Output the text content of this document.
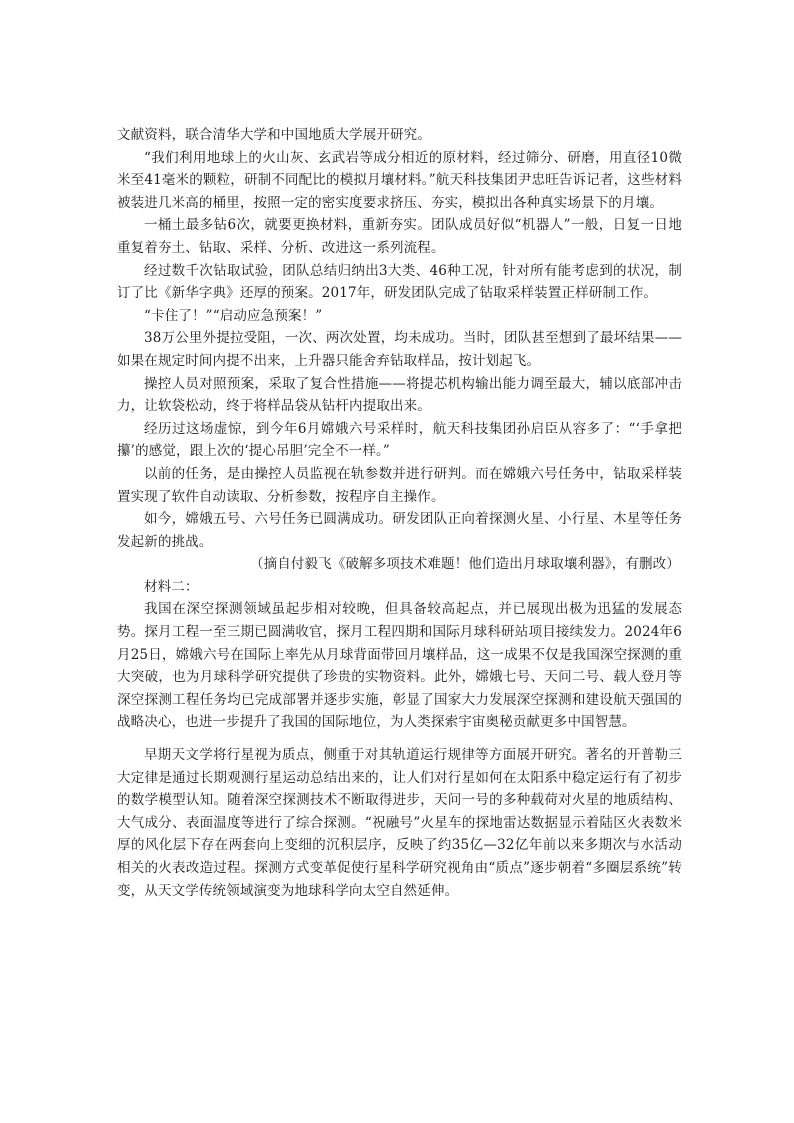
文献资料，联合清华大学和中国地质大学展开研究。

“我们利用地球上的火山灰、玄武岩等成分相近的原材料，经过筛分、研磨，用直径10微米至41毫米的颗粒，研制不同配比的模拟月壤材料。”航天科技集团尹忠旺告诉记者，这些材料被装进几米高的桶里，按照一定的密实度要求挤压、夯实，模拟出各种真实场景下的月壤。

一桶土最多钻6次，就要更换材料，重新夯实。团队成员好似“机器人”一般，日复一日地重复着夯土、钻取、采样、分析、改进这一系列流程。

经过数千次钻取试验，团队总结归纳出3大类、46种工况，针对所有能考虑到的状况，制订了比《新华字典》还厚的预案。2017年，研发团队完成了钻取采样装置正样研制工作。

“卡住了！”“启动应急预案！”

38万公里外提拉受阻，一次、两次处置，均未成功。当时，团队甚至想到了最坏结果——如果在规定时间内提不出来，上升器只能舍弃钻取样品，按计划起飞。

操控人员对照预案，采取了复合性措施——将提芯机构输出能力调至最大，辅以底部冲击力，让软袋松动，终于将样品袋从钻杆内提取出来。

经历过这场虚惊，到今年6月嫦娥六号采样时，航天科技集团孙启臣从容多了：“‘手拿把攥’的感觉，跟上次的‘提心吊胆’完全不一样。”

以前的任务，是由操控人员监视在轨参数并进行研判。而在嫦娥六号任务中，钻取采样装置实现了软件自动读取、分析参数，按程序自主操作。

如今，嫦娥五号、六号任务已圆满成功。研发团队正向着探测火星、小行星、木星等任务发起新的挑战。

（摘自付毅飞《破解多项技术难题！他们造出月球取壤利器》，有删改）

材料二：

我国在深空探测领域虽起步相对较晚，但具备较高起点，并已展现出极为迅猛的发展态势。探月工程一至三期已圆满收官，探月工程四期和国际月球科研站项目接续发力。2024年6月25日，嫦娥六号在国际上率先从月球背面带回月壤样品，这一成果不仅是我国深空探测的重大突破，也为月球科学研究提供了珍贵的实物资料。此外，嫦娥七号、天问二号、载人登月等深空探测工程任务均已完成部署并逐步实施，彰显了国家大力发展深空探测和建设航天强国的战略决心，也进一步提升了我国的国际地位，为人类探索宇宙奥秘贡献更多中国智慧。

早期天文学将行星视为质点，侧重于对其轨道运行规律等方面展开研究。著名的开普勒三大定律是通过长期观测行星运动总结出来的，让人们对行星如何在太阳系中稳定运行有了初步的数学模型认知。随着深空探测技术不断取得进步，天问一号的多种载荷对火星的地质结构、大气成分、表面温度等进行了综合探测。“祝融号”火星车的探地雷达数据显示着陆区火表数米厚的风化层下存在两套向上变细的沉积层序，反映了约35亿—32亿年前以来多期次与水活动相关的火表改造过程。探测方式变革促使行星科学研究视角由“质点”逐步朝着“多圈层系统”转变，从天文学传统领域演变为地球科学向太空自然延伸。
